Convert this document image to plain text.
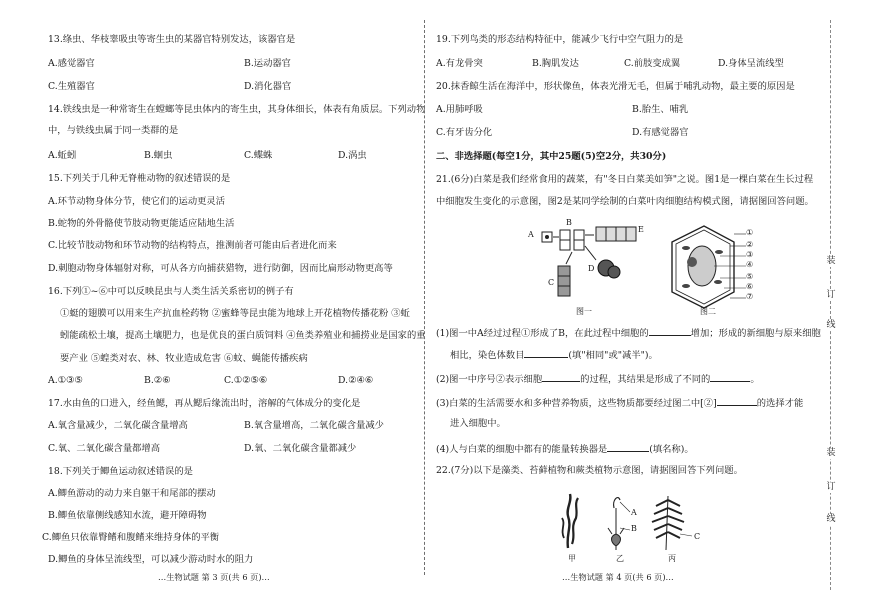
13.绦虫、华枝睾吸虫等寄生虫的某器官特别发达，该器官是
A.感觉器官	B.运动器官
C.生殖器官	D.消化器官
14.铁线虫是一种常寄生在螳螂等昆虫体内的寄生虫，其身体细长，体表有角质层。下列动物
中，与铁线虫属于同一类群的是
A.蚯蚓	B.蛔虫	C.蝶蛛	D.涡虫
15.下列关于几种无脊椎动物的叙述错误的是
A.环节动物身体分节，使它们的运动更灵活
B.蛇物的外骨骼使节肢动物更能适应陆地生活
C.比较节肢动物和环节动物的结构特点，推测前者可能由后者进化而来
D.刺胞动物身体辐射对称，可从各方向捕获猎物，进行防御，因而比扁形动物更高等
16.下列①~⑥中可以反映昆虫与人类生活关系密切的例子有
①蜓的翅膜可以用来生产抗血栓药物 ②蜜蜂等昆虫能为地球上开花植物传播花粉 ③蚯
蚓能疏松土壤，提高土壤肥力，也是优良的蛋白质饲料 ④鱼类养殖业和捕捞业是国家的重
要产业 ⑤蝗类对农、林、牧业造成危害 ⑥蚊、蝇能传播疾病
A.①③⑤	B.②⑥	C.①②⑤⑥	D.②④⑥
17.水由鱼的口进入，经鱼鳃，再从鳃后缘流出时，溶解的气体成分的变化是
A.氧含量减少，二氧化碳含量增高	B.氧含量增高，二氧化碳含量减少
C.氧、二氧化碳含量都增高	D.氧、二氧化碳含量都减少
18.下列关于鲫鱼运动叙述错误的是
A.鲫鱼游动的动力来自躯干和尾部的摆动
B.鲫鱼依靠侧线感知水流，避开障碍物
C.鲫鱼只依靠臀鳍和腹鳍来维持身体的平衡
D.鲫鱼的身体呈流线型，可以减少游动时水的阻力
…生物试题 第 3 页(共 6 页)…
19.下列鸟类的形态结构特征中，能减少飞行中空气阻力的是
A.有龙骨突	B.胸肌发达	C.前肢变成翼	D.身体呈流线型
20.抹香鲸生活在海洋中，形状像鱼，体表光滑无毛，但属于哺乳动物，最主要的原因是
A.用肺呼吸	B.胎生、哺乳
C.有牙齿分化	D.有感觉器官
二、非选择题(每空1分，其中25题(5)空2分，共30分)
21.(6分)白菜是我们经常食用的蔬菜，有"冬日白菜美如笋"之说。图1是一棵白菜在生长过程
中细胞发生变化的示意图，图2是某同学绘制的白菜叶肉细胞结构模式图，请据图回答问题。
A
B
C
D
E
图一
①
②
③
④
⑤
⑥
⑦
图二
(1)图一中A经过过程①形成了B，在此过程中细胞的	增加；形成的新细胞与原来细胞
相比，染色体数目	(填"相同"或"减半")。
(2)图一中序号②表示细胞	的过程，其结果是形成了不同的	。
(3)白菜的生活需要水和多种营养物质，这些物质都要经过图二中[②]	的选择才能
进入细胞中。
(4)人与白菜的细胞中都有的能量转换器是	(填名称)。
22.(7分)以下是藻类、苔藓植物和蕨类植物示意图，请据图回答下列问题。
A
B
C
甲	乙	丙
…生物试题 第 4 页(共 6 页)…
装
订
线
装
订
线
